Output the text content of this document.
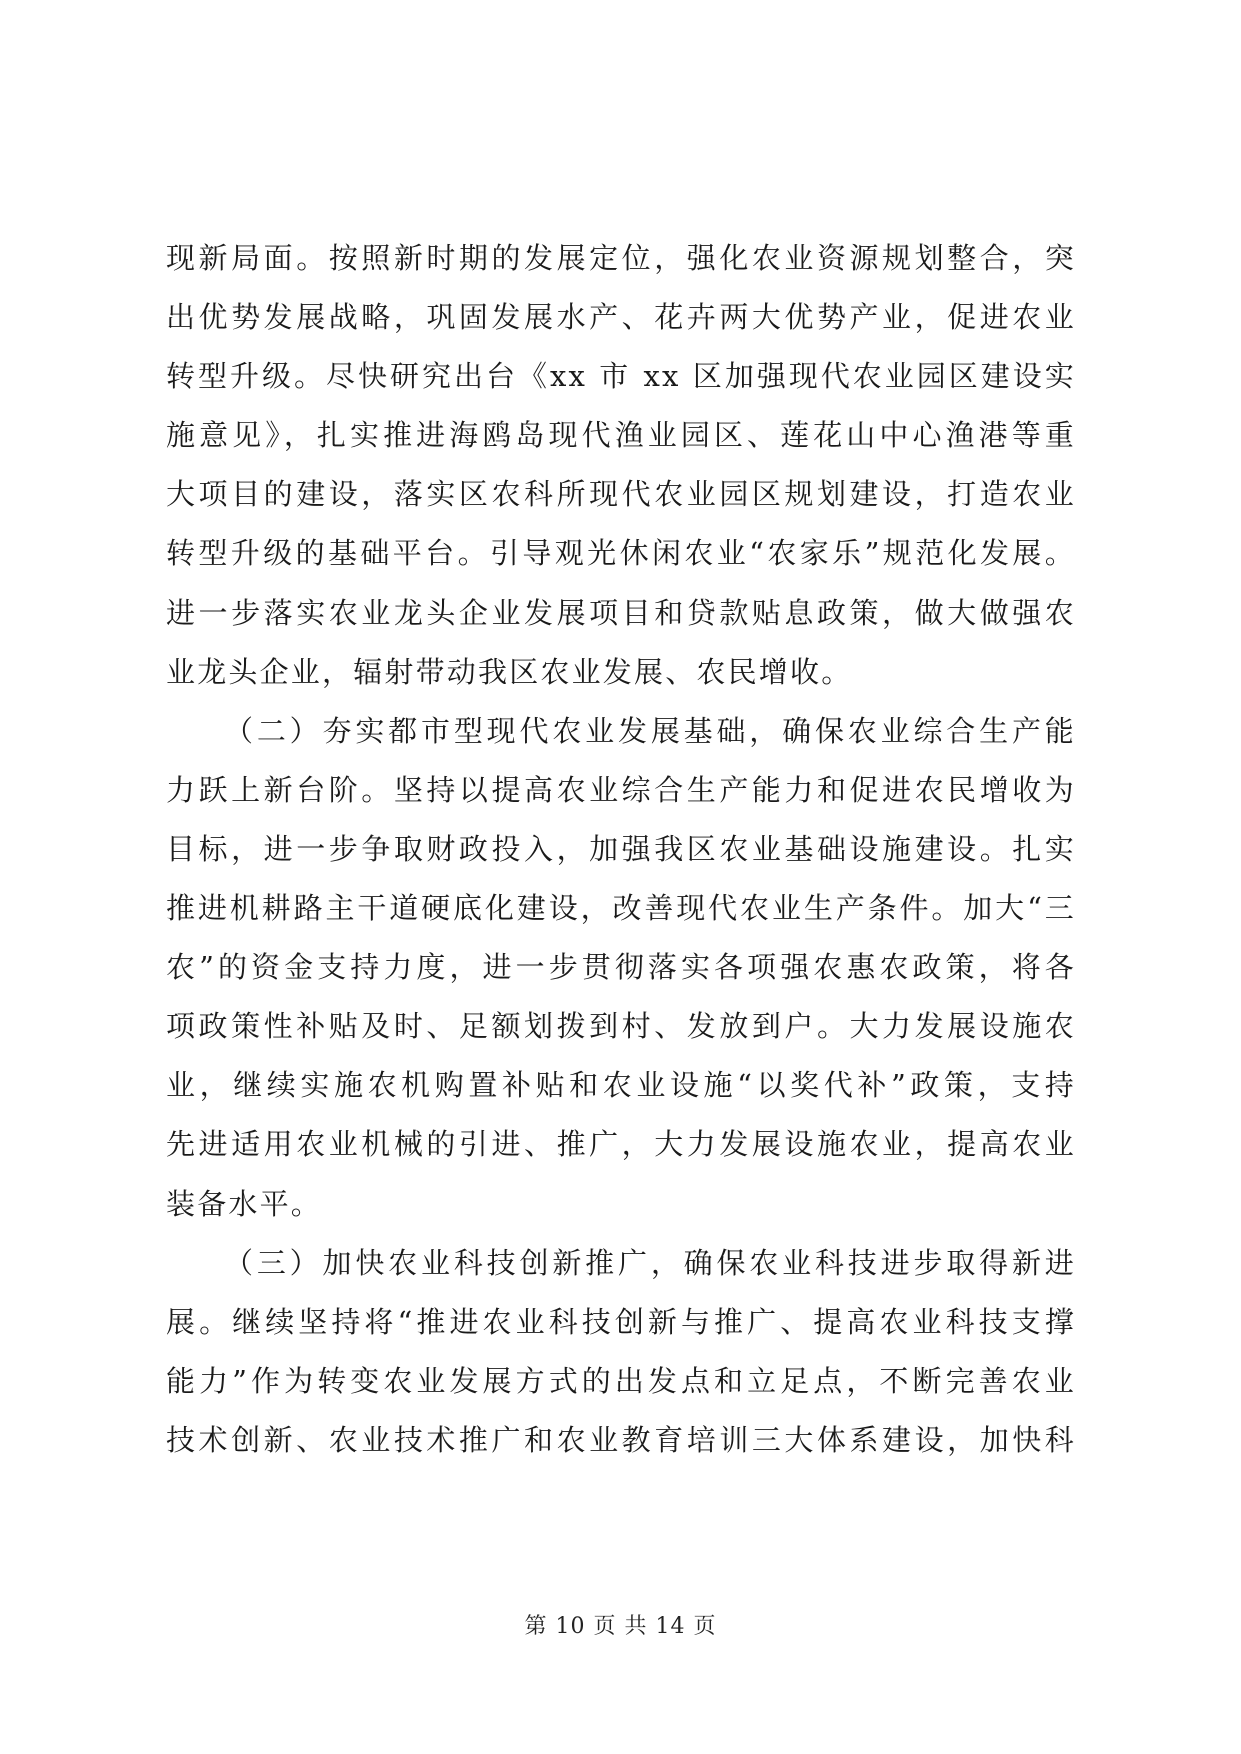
现新局面。按照新时期的发展定位，强化农业资源规划整合，突
出优势发展战略，巩固发展水产、花卉两大优势产业，促进农业
转型升级。尽快研究出台《xx 市 xx 区加强现代农业园区建设实
施意见》，扎实推进海鸥岛现代渔业园区、莲花山中心渔港等重
大项目的建设，落实区农科所现代农业园区规划建设，打造农业
转型升级的基础平台。引导观光休闲农业“农家乐”规范化发展。
进一步落实农业龙头企业发展项目和贷款贴息政策，做大做强农
业龙头企业，辐射带动我区农业发展、农民增收。
（二）夯实都市型现代农业发展基础，确保农业综合生产能
力跃上新台阶。坚持以提高农业综合生产能力和促进农民增收为
目标，进一步争取财政投入，加强我区农业基础设施建设。扎实
推进机耕路主干道硬底化建设，改善现代农业生产条件。加大“三
农”的资金支持力度，进一步贯彻落实各项强农惠农政策，将各
项政策性补贴及时、足额划拨到村、发放到户。大力发展设施农
业，继续实施农机购置补贴和农业设施“以奖代补”政策，支持
先进适用农业机械的引进、推广，大力发展设施农业，提高农业
装备水平。
（三）加快农业科技创新推广，确保农业科技进步取得新进
展。继续坚持将“推进农业科技创新与推广、提高农业科技支撑
能力”作为转变农业发展方式的出发点和立足点，不断完善农业
技术创新、农业技术推广和农业教育培训三大体系建设，加快科
第 10 页 共 14 页
